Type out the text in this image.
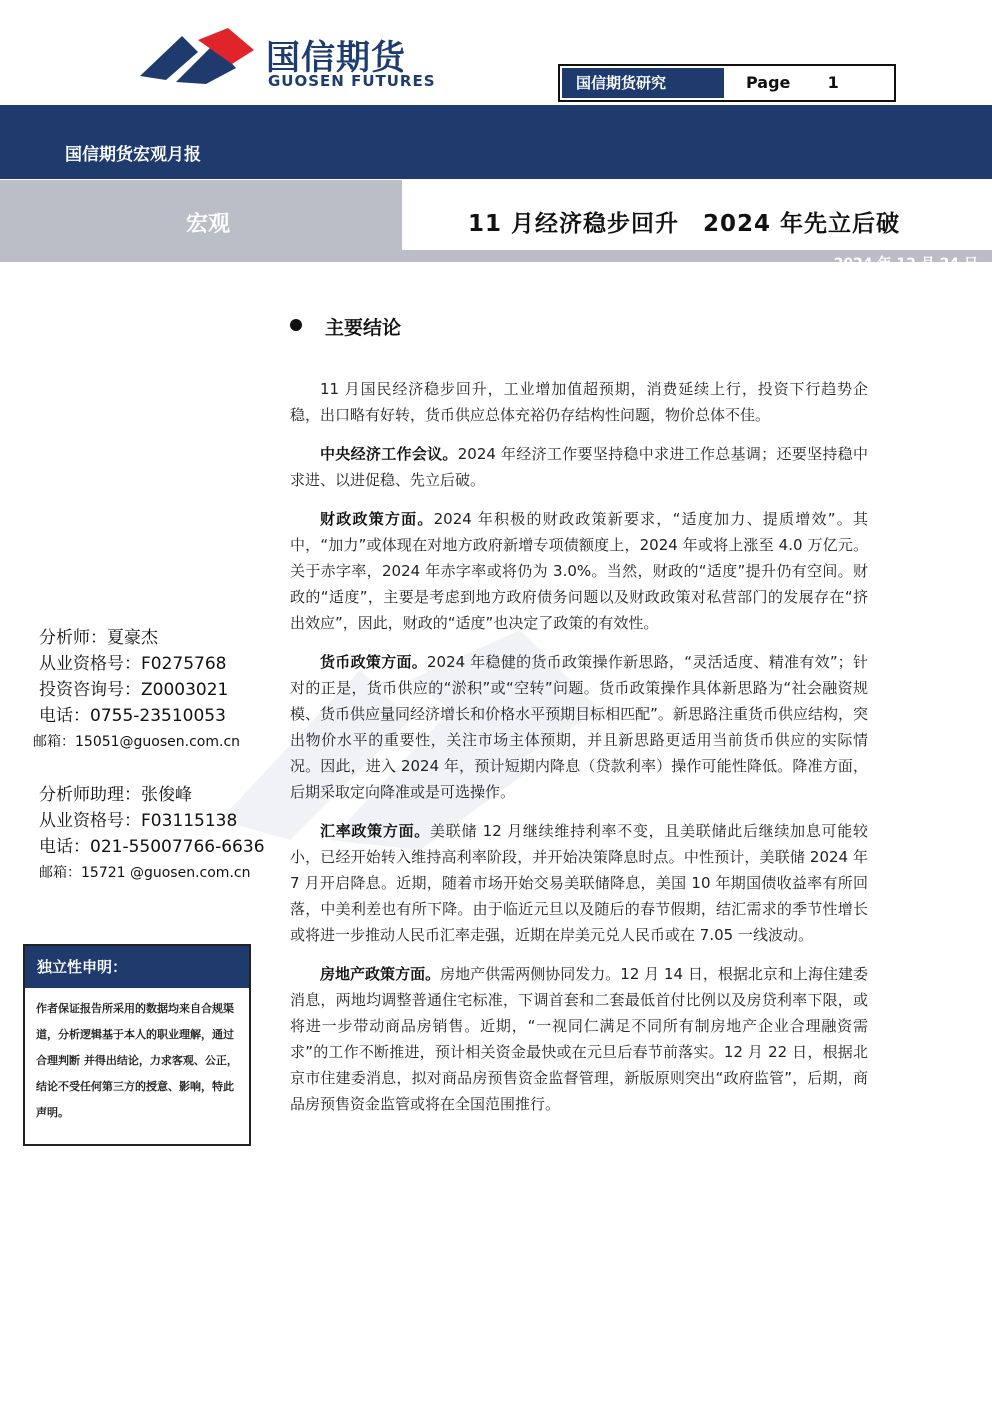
国信期货
GUOSEN FUTURES	国信期货研究	Page 1
国信期货宏观月报
宏观	11 月经济稳步回升　2024 年先立后破
2024 年 12 月 24 日
主要结论

11 月国民经济稳步回升，工业增加值超预期，消费延续上行，投资下行趋势企稳，出口略有好转，货币供应总体充裕仍存结构性问题，物价总体不佳。

中央经济工作会议。2024 年经济工作要坚持稳中求进工作总基调；还要坚持稳中求进、以进促稳、先立后破。

财政政策方面。2024 年积极的财政政策新要求，“适度加力、提质增效”。其中，“加力”或体现在对地方政府新增专项债额度上，2024 年或将上涨至 4.0 万亿元。关于赤字率，2024 年赤字率或将仍为 3.0%。当然，财政的“适度”提升仍有空间。财政的“适度”，主要是考虑到地方政府债务问题以及财政政策对私营部门的发展存在“挤出效应”，因此，财政的“适度”也决定了政策的有效性。

货币政策方面。2024 年稳健的货币政策操作新思路，“灵活适度、精准有效”；针对的正是，货币供应的“淤积”或“空转”问题。货币政策操作具体新思路为“社会融资规模、货币供应量同经济增长和价格水平预期目标相匹配”。新思路注重货币供应结构，突出物价水平的重要性，关注市场主体预期，并且新思路更适用当前货币供应的实际情况。因此，进入 2024 年，预计短期内降息（贷款利率）操作可能性降低。降准方面，后期采取定向降准或是可选操作。

汇率政策方面。美联储 12 月继续维持利率不变，且美联储此后继续加息可能较小，已经开始转入维持高利率阶段，并开始决策降息时点。中性预计，美联储 2024 年 7 月开启降息。近期，随着市场开始交易美联储降息，美国 10 年期国债收益率有所回落，中美利差也有所下降。由于临近元旦以及随后的春节假期，结汇需求的季节性增长或将进一步推动人民币汇率走强，近期在岸美元兑人民币或在 7.05 一线波动。

房地产政策方面。房地产供需两侧协同发力。12 月 14 日，根据北京和上海住建委消息，两地均调整普通住宅标准，下调首套和二套最低首付比例以及房贷利率下限，或将进一步带动商品房销售。近期，“一视同仁满足不同所有制房地产企业合理融资需求”的工作不断推进，预计相关资金最快或在元旦后春节前落实。12 月 22 日，根据北京市住建委消息，拟对商品房预售资金监督管理，新版原则突出“政府监管”，后期，商品房预售资金监管或将在全国范围推行。

分析师：夏豪杰
从业资格号：F0275768
投资咨询号：Z0003021
电话：0755-23510053
邮箱：15051@guosen.com.cn
分析师助理：张俊峰
从业资格号：F03115138
电话：021-55007766-6636
邮箱：15721 @guosen.com.cn
独立性申明：
作者保证报告所采用的数据均来自合规渠道，分析逻辑基于本人的职业理解，通过合理判断 并得出结论，力求客观、公正，结论不受任何第三方的授意、影响，特此声明。
